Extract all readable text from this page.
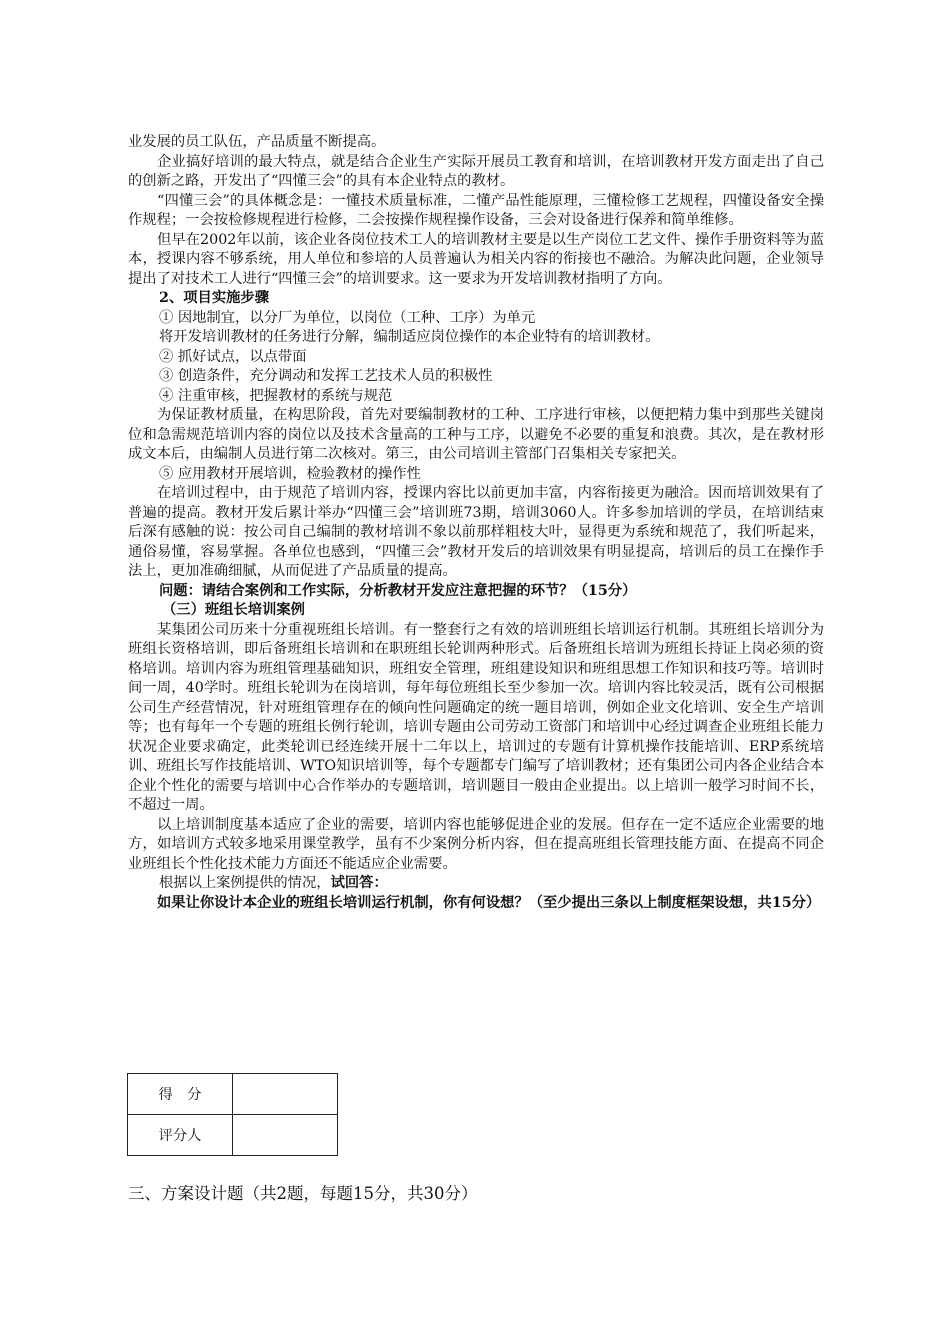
业发展的员工队伍，产品质量不断提高。

企业搞好培训的最大特点，就是结合企业生产实际开展员工教育和培训，在培训教材开发方面走出了自己的创新之路，开发出了“四懂三会”的具有本企业特点的教材。

“四懂三会”的具体概念是：一懂技术质量标准，二懂产品性能原理，三懂检修工艺规程，四懂设备安全操作规程；一会按检修规程进行检修，二会按操作规程操作设备，三会对设备进行保养和简单维修。

但早在2002年以前，该企业各岗位技术工人的培训教材主要是以生产岗位工艺文件、操作手册资料等为蓝本，授课内容不够系统，用人单位和参培的人员普遍认为相关内容的衔接也不融洽。为解决此问题，企业领导提出了对技术工人进行“四懂三会”的培训要求。这一要求为开发培训教材指明了方向。

2、项目实施步骤

① 因地制宜，以分厂为单位，以岗位（工种、工序）为单元

将开发培训教材的任务进行分解，编制适应岗位操作的本企业特有的培训教材。

② 抓好试点，以点带面

③ 创造条件，充分调动和发挥工艺技术人员的积极性

④ 注重审核，把握教材的系统与规范

为保证教材质量，在构思阶段，首先对要编制教材的工种、工序进行审核，以便把精力集中到那些关键岗位和急需规范培训内容的岗位以及技术含量高的工种与工序，以避免不必要的重复和浪费。其次，是在教材形成文本后，由编制人员进行第二次核对。第三，由公司培训主管部门召集相关专家把关。

⑤ 应用教材开展培训，检验教材的操作性

在培训过程中，由于规范了培训内容，授课内容比以前更加丰富，内容衔接更为融洽。因而培训效果有了普遍的提高。教材开发后累计举办“四懂三会”培训班73期，培训3060人。许多参加培训的学员，在培训结束后深有感触的说：按公司自己编制的教材培训不象以前那样粗枝大叶，显得更为系统和规范了，我们听起来，通俗易懂，容易掌握。各单位也感到，“四懂三会”教材开发后的培训效果有明显提高，培训后的员工在操作手法上，更加准确细腻，从而促进了产品质量的提高。

问题：请结合案例和工作实际，分析教材开发应注意把握的环节？（15分）

（三）班组长培训案例

某集团公司历来十分重视班组长培训。有一整套行之有效的培训班组长培训运行机制。其班组长培训分为班组长资格培训，即后备班组长培训和在职班组长轮训两种形式。后备班组长培训为班组长持证上岗必须的资格培训。培训内容为班组管理基础知识，班组安全管理，班组建设知识和班组思想工作知识和技巧等。培训时间一周，40学时。班组长轮训为在岗培训，每年每位班组长至少参加一次。培训内容比较灵活，既有公司根据公司生产经营情况，针对班组管理存在的倾向性问题确定的统一题目培训，例如企业文化培训、安全生产培训等；也有每年一个专题的班组长例行轮训，培训专题由公司劳动工资部门和培训中心经过调查企业班组长能力状况企业要求确定，此类轮训已经连续开展十二年以上，培训过的专题有计算机操作技能培训、ERP系统培训、班组长写作技能培训、WTO知识培训等，每个专题都专门编写了培训教材；还有集团公司内各企业结合本企业个性化的需要与培训中心合作举办的专题培训，培训题目一般由企业提出。以上培训一般学习时间不长，不超过一周。

以上培训制度基本适应了企业的需要，培训内容也能够促进企业的发展。但存在一定不适应企业需要的地方，如培训方式较多地采用课堂教学，虽有不少案例分析内容，但在提高班组长管理技能方面、在提高不同企业班组长个性化技术能力方面还不能适应企业需要。

根据以上案例提供的情况，试回答：

如果让你设计本企业的班组长培训运行机制，你有何设想？（至少提出三条以上制度框架设想，共15分）

得　分	
评分人	

三、方案设计题（共2题，每题15分，共30分）
